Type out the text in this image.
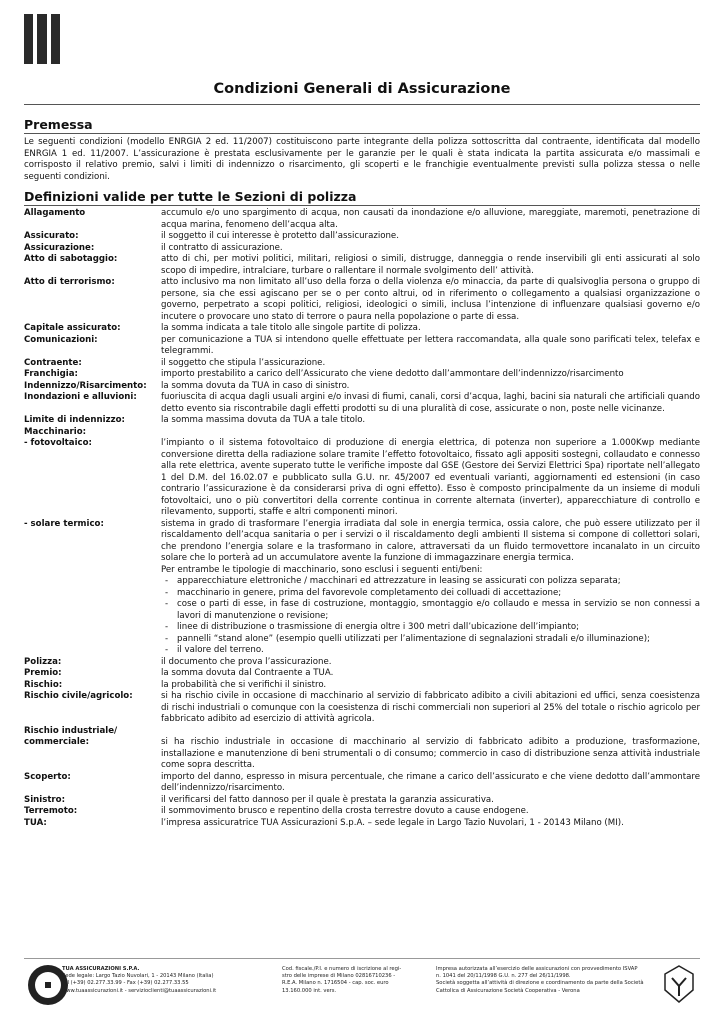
Condizioni Generali di Assicurazione
Premessa
Le seguenti condizioni (modello ENRGIA 2 ed. 11/2007) costituiscono parte integrante della polizza sottoscritta dal contraente, identificata dal modello ENRGIA 1 ed. 11/2007. L’assicurazione è prestata esclusivamente per le garanzie per le quali è stata indicata la partita assicurata e/o massimali e corrisposto il relativo premio, salvi i limiti di indennizzo o risarcimento, gli scoperti e le franchigie eventualmente previsti sulla polizza stessa o nelle seguenti condizioni.
Definizioni valide per tutte le Sezioni di polizza
Allagamento	accumulo e/o uno spargimento di acqua, non causati da inondazione e/o alluvione, mareggiate, maremoti, penetrazione di acqua marina, fenomeno dell’acqua alta.

Assicurato:	il soggetto il cui interesse è protetto dall’assicurazione.

Assicurazione:	il contratto di assicurazione.

Atto di sabotaggio:	atto di chi, per motivi politici, militari, religiosi o simili, distrugge, danneggia o rende inservibili gli enti assicurati al solo scopo di impedire, intralciare, turbare o rallentare il normale svolgimento dell’ attività.

Atto di terrorismo:	atto inclusivo ma non limitato all’uso della forza o della violenza e/o minaccia, da parte di qualsivoglia persona o gruppo di persone, sia che essi agiscano per se o per conto altrui, od in riferimento o collegamento a qualsiasi organizzazione o governo, perpetrato a scopi politici, religiosi, ideologici o simili, inclusa l’intenzione di influenzare qualsiasi governo e/o incutere o provocare uno stato di terrore o paura nella popolazione o parte di essa.

Capitale assicurato:	la somma indicata a tale titolo alle singole partite di polizza.

Comunicazioni:	per comunicazione a TUA si intendono quelle effettuate per lettera raccomandata, alla quale sono parificati telex, telefax e telegrammi.

Contraente:	il soggetto che stipula l’assicurazione.

Franchigia:	importo prestabilito a carico dell’Assicurato che viene dedotto dall’ammontare dell’indennizzo/risarcimento

Indennizzo/Risarcimento:	la somma dovuta da TUA in caso di sinistro.

Inondazioni e alluvioni:	fuoriuscita di acqua dagli usuali argini e/o invasi di fiumi, canali, corsi d’acqua, laghi, bacini sia naturali che artificiali quando detto evento sia riscontrabile dagli effetti prodotti su di una pluralità di cose, assicurate o non, poste nelle vicinanze.

Limite di indennizzo:	la somma massima dovuta da TUA a tale titolo.

Macchinario:

- fotovoltaico:	l’impianto o il sistema fotovoltaico di produzione di energia elettrica, di potenza non superiore a 1.000Kwp mediante conversione diretta della radiazione solare tramite l’effetto fotovoltaico, fissato agli appositi sostegni, collaudato e connesso alla rete elettrica, avente superato tutte le verifiche imposte dal GSE (Gestore dei Servizi Elettrici Spa) riportate nell’allegato 1 del D.M. del 16.02.07 e pubblicato sulla G.U. nr. 45/2007 ed eventuali varianti, aggiornamenti ed estensioni (in caso contrario l’assicurazione è da considerarsi priva di ogni effetto). Esso è composto principalmente da un insieme di moduli fotovoltaici, uno o più convertitori della corrente continua in corrente alternata (inverter), apparecchiature di controllo e rilevamento, supporti, staffe e altri componenti minori.

- solare termico:	sistema in grado di trasformare l’energia irradiata dal sole in energia termica, ossia calore, che può essere utilizzato per il riscaldamento dell’acqua sanitaria o per i servizi o il riscaldamento degli ambienti Il sistema si compone di collettori solari, che prendono l’energia solare e la trasformano in calore, attraversati da un fluido termovettore incanalato in un circuito solare che lo porterà ad un accumulatore avente la funzione di immagazzinare energia termica.

Per entrambe le tipologie di macchinario, sono esclusi i seguenti enti/beni:

-	apparecchiature elettroniche / macchinari ed attrezzature in leasing se assicurati con polizza separata;
-	macchinario in genere, prima del favorevole completamento dei colluadi di accettazione;
-	cose o parti di esse, in fase di costruzione, montaggio, smontaggio e/o collaudo e messa in servizio se non connessi a lavori di manutenzione o revisione;
-	linee di distribuzione o trasmissione di energia oltre i 300 metri dall’ubicazione dell’impianto;
-	pannelli “stand alone” (esempio quelli utilizzati per l’alimentazione di segnalazioni stradali e/o illuminazione);
-	il valore del terreno.
Polizza:	il documento che prova l’assicurazione.

Premio:	la somma dovuta dal Contraente a TUA.

Rischio:	la probabilità che si verifichi il sinistro.

Rischio civile/agricolo:	si ha rischio civile in occasione di macchinario al servizio di fabbricato adibito a civili abitazioni ed uffici, senza coesistenza di rischi industriali o comunque con la coesistenza di rischi commerciali non superiori al 25% del totale o rischio agricolo per fabbricato adibito ad esercizio di attività agricola.

Rischio industriale/

commerciale:	si ha rischio industriale in occasione di macchinario al servizio di fabbricato adibito a produzione, trasformazione, installazione e manutenzione di beni strumentali o di consumo; commercio in caso di distribuzione senza attività industriale come sopra descritta.

Scoperto:	importo del danno, espresso in misura percentuale, che rimane a carico dell’assicurato e che viene dedotto dall’ammontare dell’indennizzo/risarcimento.

Sinistro:	il verificarsi del fatto dannoso per il quale è prestata la garanzia assicurativa.

Terremoto:	il sommovimento brusco e repentino della crosta terrestre dovuto a cause endogene.

TUA:	l’impresa assicuratrice TUA Assicurazioni S.p.A. – sede legale in Largo Tazio Nuvolari, 1 - 20143 Milano (MI).

TUA ASSICURAZIONI S.P.A.
Sede legale: Largo Tazio Nuvolari, 1 - 20143 Milano (Italia)
Tel (+39) 02.277.33.99 - Fax (+39) 02.277.33.55
www.tuaassicurazioni.it - servizioclienti@tuaassicurazioni.it
Cod. fiscale./P.I. e numero di iscrizione al regi-
stro delle imprese di Milano 02816710236 -
R.E.A. Milano n. 1716504 - cap. soc. euro
13.160.000 int. vers.
Impresa autorizzata all’esercizio delle assicurazioni con provvedimento ISVAP
n. 1041 del 20/11/1998 G.U. n. 277 del 26/11/1998.
Società soggetta all’attività di direzione e coordinamento da parte della Società
Cattolica di Assicurazione Società Cooperativa - Verona
